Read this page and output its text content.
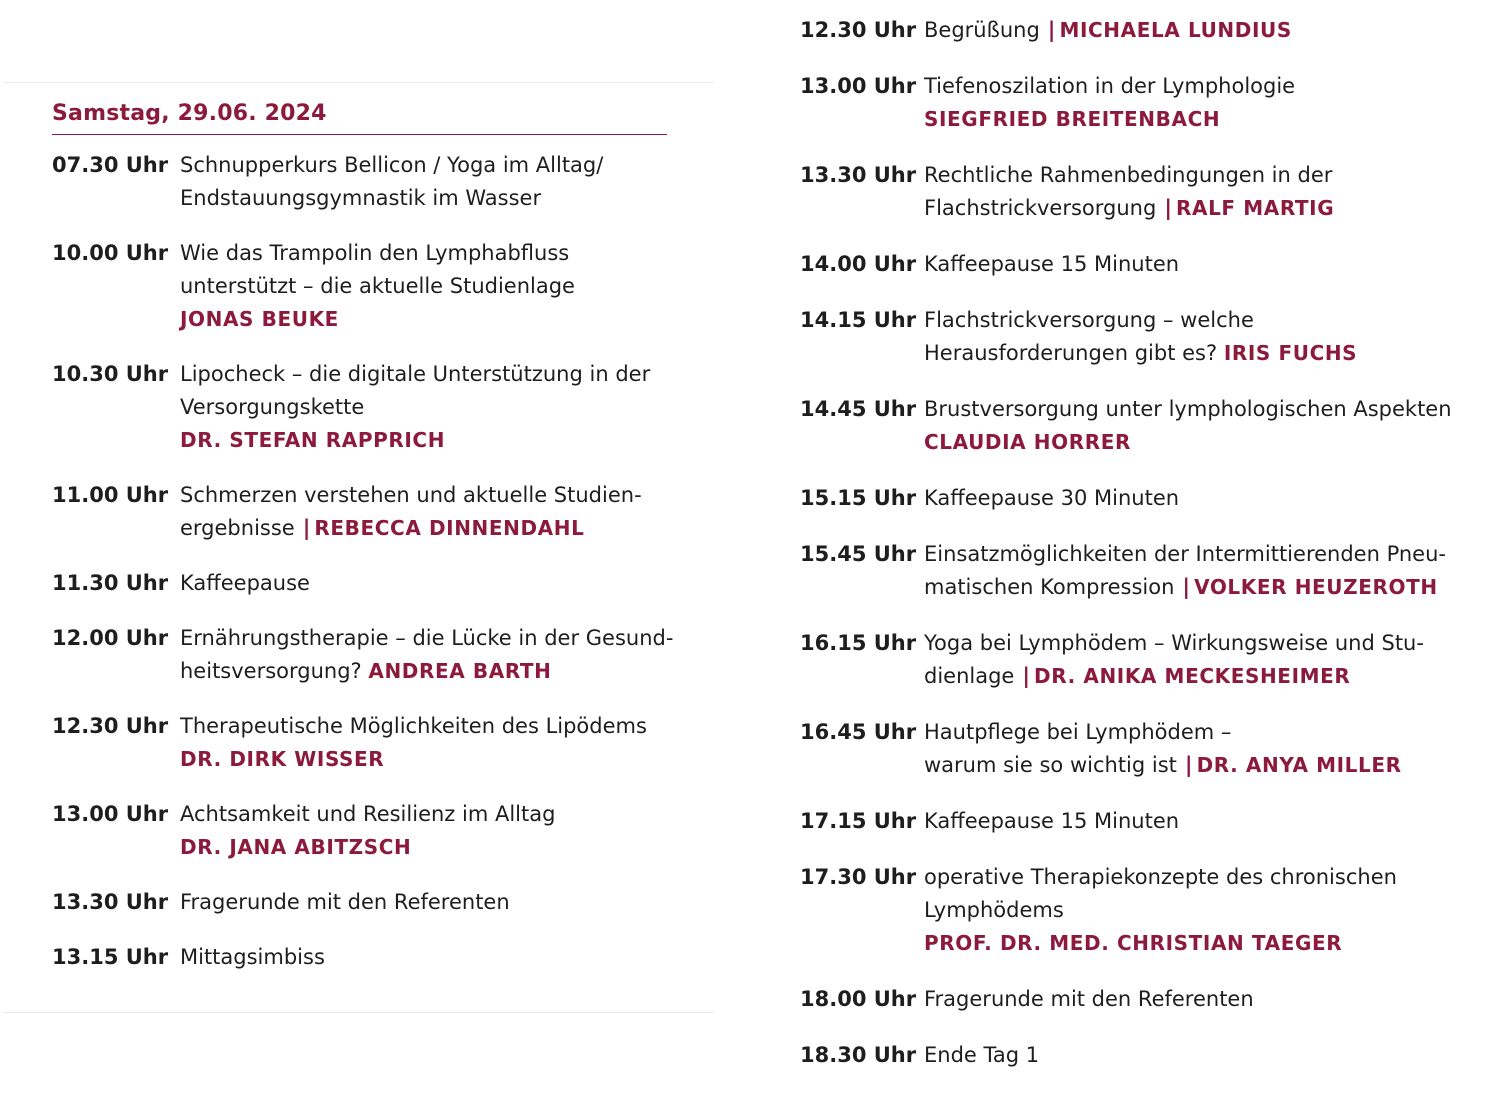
Samstag, 29.06. 2024
07.30 Uhr Schnupperkurs Bellicon / Yoga im Alltag/
Endstauungsgymnastik im Wasser
10.00 Uhr Wie das Trampolin den Lymphabfluss
unterstützt – die aktuelle Studienlage
JONAS BEUKE
10.30 Uhr Lipocheck – die digitale Unterstützung in der
Versorgungskette
DR. STEFAN RAPPRICH
11.00 Uhr Schmerzen verstehen und aktuelle Studien-
ergebnisse | REBECCA DINNENDAHL
11.30 Uhr Kaffeepause
12.00 Uhr Ernährungstherapie – die Lücke in der Gesund-
heitsversorgung? ANDREA BARTH
12.30 Uhr Therapeutische Möglichkeiten des Lipödems
DR. DIRK WISSER
13.00 Uhr Achtsamkeit und Resilienz im Alltag
DR. JANA ABITZSCH
13.30 Uhr Fragerunde mit den Referenten
13.15 Uhr Mittagsimbiss
12.30 Uhr Begrüßung | MICHAELA LUNDIUS
13.00 Uhr Tiefenoszilation in der Lymphologie
SIEGFRIED BREITENBACH
13.30 Uhr Rechtliche Rahmenbedingungen in der
Flachstrickversorgung | RALF MARTIG
14.00 Uhr Kaffeepause 15 Minuten
14.15 Uhr Flachstrickversorgung – welche
Herausforderungen gibt es? IRIS FUCHS
14.45 Uhr Brustversorgung unter lymphologischen Aspekten
CLAUDIA HORRER
15.15 Uhr Kaffeepause 30 Minuten
15.45 Uhr Einsatzmöglichkeiten der Intermittierenden Pneu-
matischen Kompression | VOLKER HEUZEROTH
16.15 Uhr Yoga bei Lymphödem – Wirkungsweise und Stu-
dienlage | DR. ANIKA MECKESHEIMER
16.45 Uhr Hautpflege bei Lymphödem –
warum sie so wichtig ist | DR. ANYA MILLER
17.15 Uhr Kaffeepause 15 Minuten
17.30 Uhr operative Therapiekonzepte des chronischen
Lymphödems
PROF. DR. MED. CHRISTIAN TAEGER
18.00 Uhr Fragerunde mit den Referenten
18.30 Uhr Ende Tag 1
